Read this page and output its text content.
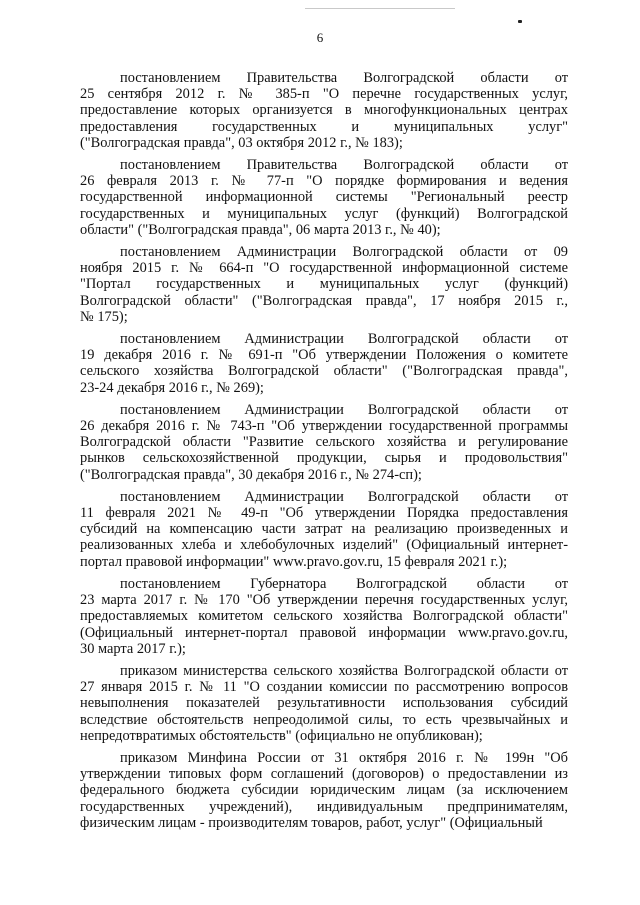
6
постановлением Правительства Волгоградской области от
25 сентября 2012 г. № 385-п "О перечне государственных услуг,
предоставление которых организуется в многофункциональных центрах
предоставления государственных и муниципальных услуг"
("Волгоградская правда", 03 октября 2012 г., № 183);
постановлением Правительства Волгоградской области от
26 февраля 2013 г. № 77-п "О порядке формирования и ведения
государственной информационной системы "Региональный реестр
государственных и муниципальных услуг (функций) Волгоградской
области" ("Волгоградская правда", 06 марта 2013 г., № 40);
постановлением Администрации Волгоградской области от 09
ноября 2015 г. № 664-п "О государственной информационной системе
"Портал государственных и муниципальных услуг (функций)
Волгоградской области" ("Волгоградская правда", 17 ноября 2015 г.,
№ 175);
постановлением Администрации Волгоградской области от
19 декабря 2016 г. № 691-п "Об утверждении Положения о комитете
сельского хозяйства Волгоградской области" ("Волгоградская правда",
23-24 декабря 2016 г., № 269);
постановлением Администрации Волгоградской области от
26 декабря 2016 г. № 743-п "Об утверждении государственной программы
Волгоградской области "Развитие сельского хозяйства и регулирование
рынков сельскохозяйственной продукции, сырья и продовольствия"
("Волгоградская правда", 30 декабря 2016 г., № 274-сп);
постановлением Администрации Волгоградской области от
11 февраля 2021 № 49-п "Об утверждении Порядка предоставления
субсидий на компенсацию части затрат на реализацию произведенных и
реализованных хлеба и хлебобулочных изделий" (Официальный интернет-
портал правовой информации" www.pravo.gov.ru, 15 февраля 2021 г.);
постановлением Губернатора Волгоградской области от
23 марта 2017 г. № 170 "Об утверждении перечня государственных услуг,
предоставляемых комитетом сельского хозяйства Волгоградской области"
(Официальный интернет-портал правовой информации www.pravo.gov.ru,
30 марта 2017 г.);
приказом министерства сельского хозяйства Волгоградской области от
27 января 2015 г. № 11 "О создании комиссии по рассмотрению вопросов
невыполнения показателей результативности использования субсидий
вследствие обстоятельств непреодолимой силы, то есть чрезвычайных и
непредотвратимых обстоятельств" (официально не опубликован);
приказом Минфина России от 31 октября 2016 г. № 199н "Об
утверждении типовых форм соглашений (договоров) о предоставлении из
федерального бюджета субсидии юридическим лицам (за исключением
государственных учреждений), индивидуальным предпринимателям,
физическим лицам - производителям товаров, работ, услуг" (Официальный
